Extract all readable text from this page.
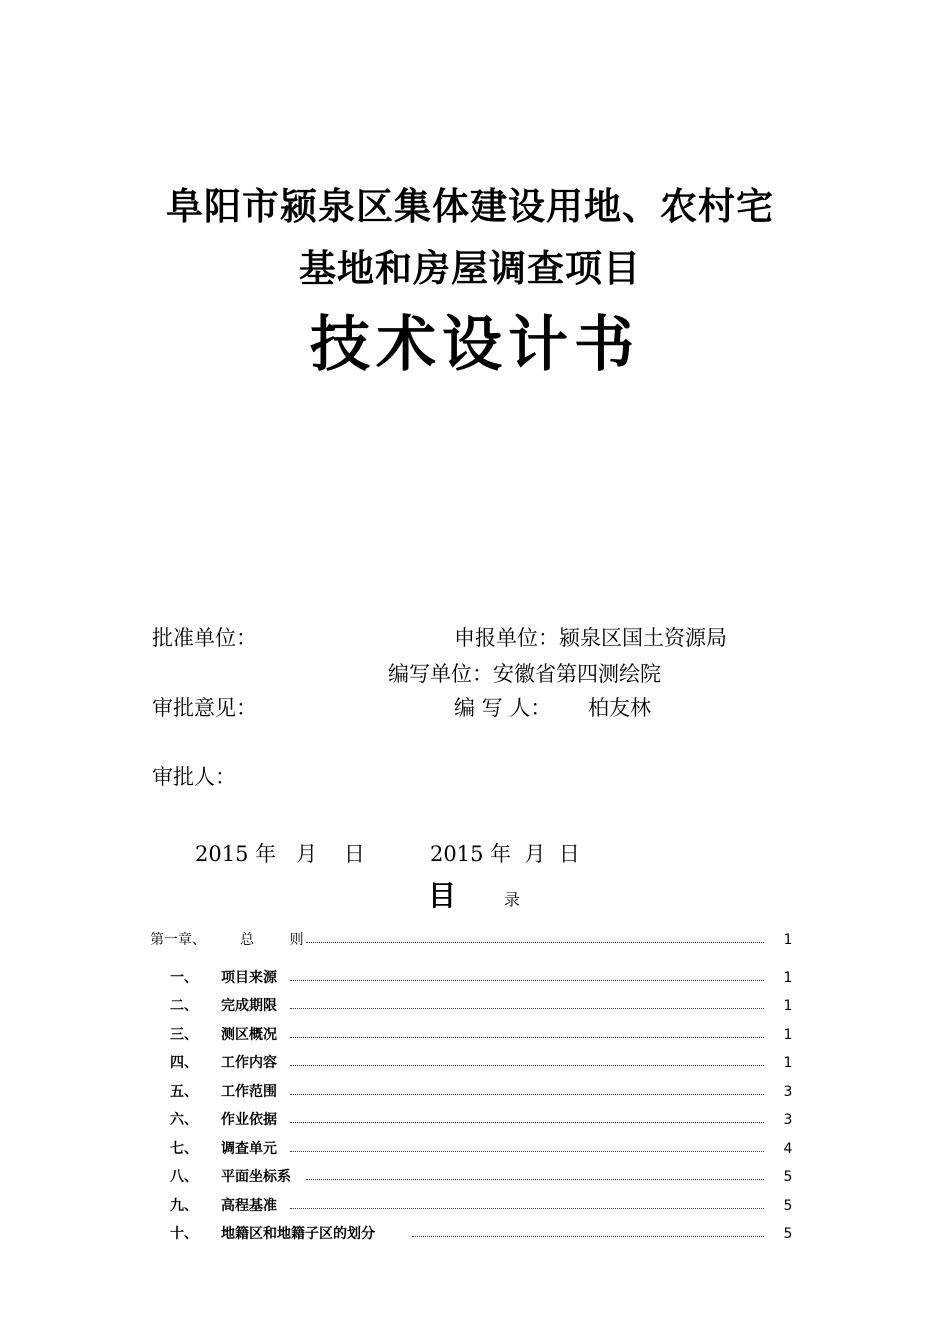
阜阳市颍泉区集体建设用地、农村宅
基地和房屋调查项目
技术设计书
批准单位：	申报单位：颍泉区国土资源局
编写单位：安徽省第四测绘院
审批意见：	编 写 人： 柏友林
审批人：
2015 年   月    日	2015 年  月  日
目	录
第一章、 总        则	1
一、 项目来源	1
二、 完成期限	1
三、 测区概况	1
四、 工作内容	1
五、 工作范围	3
六、 作业依据	3
七、 调查单元	4
八、 平面坐标系	5
九、 高程基准	5
十、 地籍区和地籍子区的划分	5
